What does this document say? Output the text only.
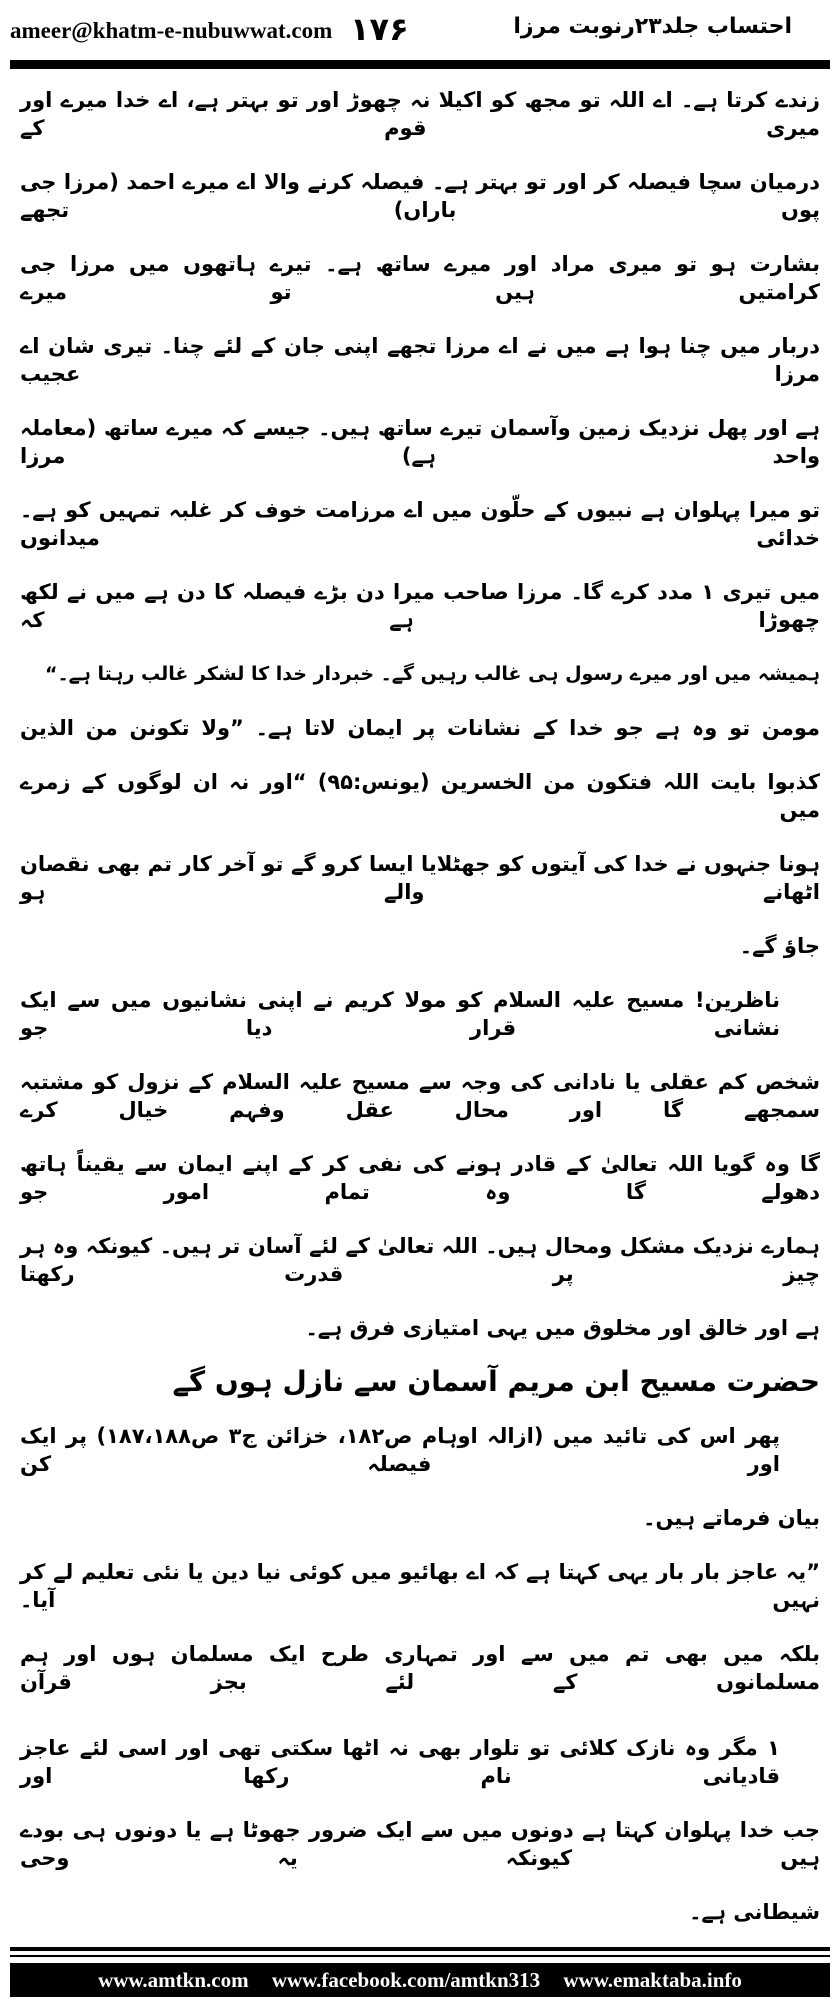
ameer@khatm-e-nubuwwat.com ۱۷۶	احتساب جلد۲۳رنوبت مرزا
زندے کرتا ہے۔ اے اللہ تو مجھ کو اکیلا نہ چھوڑ اور تو بہتر ہے، اے خدا میرے اور میری قوم کے
درمیان سچا فیصلہ کر اور تو بہتر ہے۔ فیصلہ کرنے والا اے میرے احمد (مرزا جی پوں باراں) تجھے
بشارت ہو تو میری مراد اور میرے ساتھ ہے۔ تیرے ہاتھوں میں مرزا جی کرامتیں ہیں تو میرے
دربار میں چنا ہوا ہے میں نے اے مرزا تجھے اپنی جان کے لئے چنا۔ تیری شان اے مرزا عجیب
ہے اور پھل نزدیک زمین وآسمان تیرے ساتھ ہیں۔ جیسے کہ میرے ساتھ (معاملہ واحد ہے) مرزا
تو میرا پہلوان ہے نبیوں کے حلّون میں اے مرزامت خوف کر غلبہ تمہیں کو ہے۔ خدائی میدانوں
میں تیری ۱ مدد کرے گا۔ مرزا صاحب میرا دن بڑے فیصلہ کا دن ہے میں نے لکھ چھوڑا ہے کہ
ہمیشہ میں اور میرے رسول ہی غالب رہیں گے۔ خبردار خدا کا لشکر غالب رہتا ہے۔“
مومن تو وہ ہے جو خدا کے نشانات پر ایمان لاتا ہے۔ ”ولا تکونن من الذین
کذبوا بایت اللہ فتکون من الخسرین (یونس:۹۵) “اور نہ ان لوگوں کے زمرے میں
ہونا جنہوں نے خدا کی آیتوں کو جھٹلایا ایسا کرو گے تو آخر کار تم بھی نقصان اٹھانے والے ہو
جاؤ گے۔
ناظرین! مسیح علیہ السلام کو مولا کریم نے اپنی نشانیوں میں سے ایک نشانی قرار دیا جو
شخص کم عقلی یا نادانی کی وجہ سے مسیح علیہ السلام کے نزول کو مشتبہ سمجھے گا اور محال عقل وفہم خیال کرے
گا وہ گویا اللہ تعالیٰ کے قادر ہونے کی نفی کر کے اپنے ایمان سے یقیناً ہاتھ دھولے گا وہ تمام امور جو
ہمارے نزدیک مشکل ومحال ہیں۔ اللہ تعالیٰ کے لئے آسان تر ہیں۔ کیونکہ وہ ہر چیز پر قدرت رکھتا
ہے اور خالق اور مخلوق میں یہی امتیازی فرق ہے۔
حضرت مسیح ابن مریم آسمان سے نازل ہوں گے
پھر اس کی تائید میں (ازالہ اوہام ص۱۸۲، خزائن ج۳ ص۱۸۷،۱۸۸) پر ایک اور فیصلہ کن
بیان فرماتے ہیں۔
”یہ عاجز بار بار یہی کہتا ہے کہ اے بھائیو میں کوئی نیا دین یا نئی تعلیم لے کر نہیں آیا۔
بلکہ میں بھی تم میں سے اور تمہاری طرح ایک مسلمان ہوں اور ہم مسلمانوں کے لئے بجز قرآن
۱ مگر وہ نازک کلائی تو تلوار بھی نہ اٹھا سکتی تھی اور اسی لئے عاجز قادیانی نام رکھا اور
جب خدا پہلوان کہتا ہے دونوں میں سے ایک ضرور جھوٹا ہے یا دونوں ہی بودے ہیں کیونکہ یہ وحی
شیطانی ہے۔
www.amtkn.com www.facebook.com/amtkn313 www.emaktaba.info
